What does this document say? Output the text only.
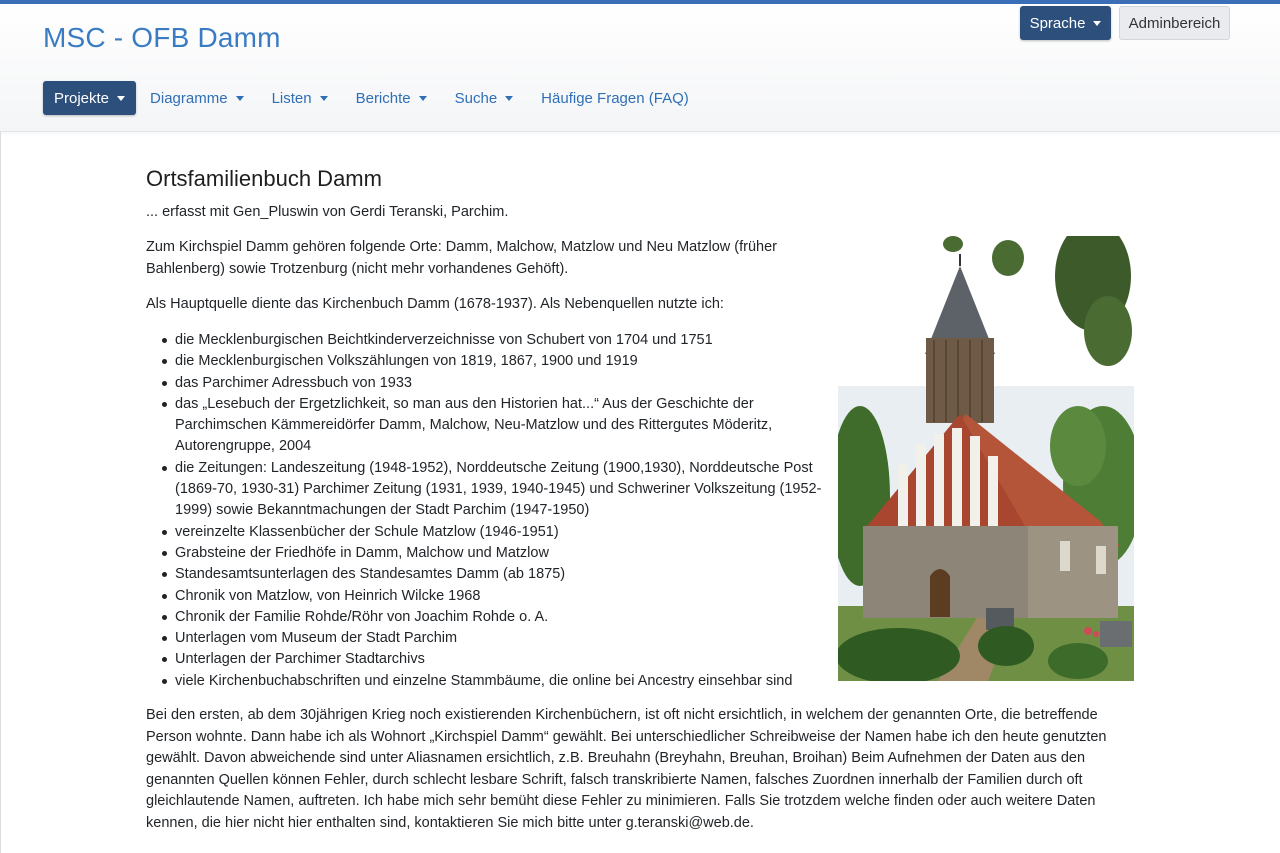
MSC - OFB Damm	Sprache	Adminbereich
Projekte	Diagramme	Listen	Berichte	Suche	Häufige Fragen (FAQ)
Ortsfamilienbuch Damm

... erfasst mit Gen_Pluswin von Gerdi Teranski, Parchim.

Zum Kirchspiel Damm gehören folgende Orte: Damm, Malchow, Matzlow und Neu Matzlow (früher Bahlenberg) sowie Trotzenburg (nicht mehr vorhandenes Gehöft).

Als Hauptquelle diente das Kirchenbuch Damm (1678-1937). Als Nebenquellen nutzte ich:

die Mecklenburgischen Beichtkinderverzeichnisse von Schubert von 1704 und 1751
die Mecklenburgischen Volkszählungen von 1819, 1867, 1900 und 1919
das Parchimer Adressbuch von 1933
das „Lesebuch der Ergetzlichkeit, so man aus den Historien hat...“ Aus der Geschichte der Parchimschen Kämmereidörfer Damm, Malchow, Neu-Matzlow und des Rittergutes Möderitz, Autorengruppe, 2004
die Zeitungen: Landeszeitung (1948-1952), Norddeutsche Zeitung (1900,1930), Norddeutsche Post (1869-70, 1930-31) Parchimer Zeitung (1931, 1939, 1940-1945) und Schweriner Volkszeitung (1952-1999) sowie Bekanntmachungen der Stadt Parchim (1947-1950)
vereinzelte Klassenbücher der Schule Matzlow (1946-1951)
Grabsteine der Friedhöfe in Damm, Malchow und Matzlow
Standesamtsunterlagen des Standesamtes Damm (ab 1875)
Chronik von Matzlow, von Heinrich Wilcke 1968
Chronik der Familie Rohde/Röhr von Joachim Rohde o. A.
Unterlagen vom Museum der Stadt Parchim
Unterlagen der Parchimer Stadtarchivs
viele Kirchenbuchabschriften und einzelne Stammbäume, die online bei Ancestry einsehbar sind

Bei den ersten, ab dem 30jährigen Krieg noch existierenden Kirchenbüchern, ist oft nicht ersichtlich, in welchem der genannten Orte, die betreffende Person wohnte. Dann habe ich als Wohnort „Kirchspiel Damm“ gewählt. Bei unterschiedlicher Schreibweise der Namen habe ich den heute genutzten gewählt. Davon abweichende sind unter Aliasnamen ersichtlich, z.B. Breuhahn (Breyhahn, Breuhan, Broihan) Beim Aufnehmen der Daten aus den genannten Quellen können Fehler, durch schlecht lesbare Schrift, falsch transkribierte Namen, falsches Zuordnen innerhalb der Familien durch oft gleichlautende Namen, auftreten. Ich habe mich sehr bemüht diese Fehler zu minimieren. Falls Sie trotzdem welche finden oder auch weitere Daten kennen, die hier nicht hier enthalten sind, kontaktieren Sie mich bitte unter g.teranski@web.de.
